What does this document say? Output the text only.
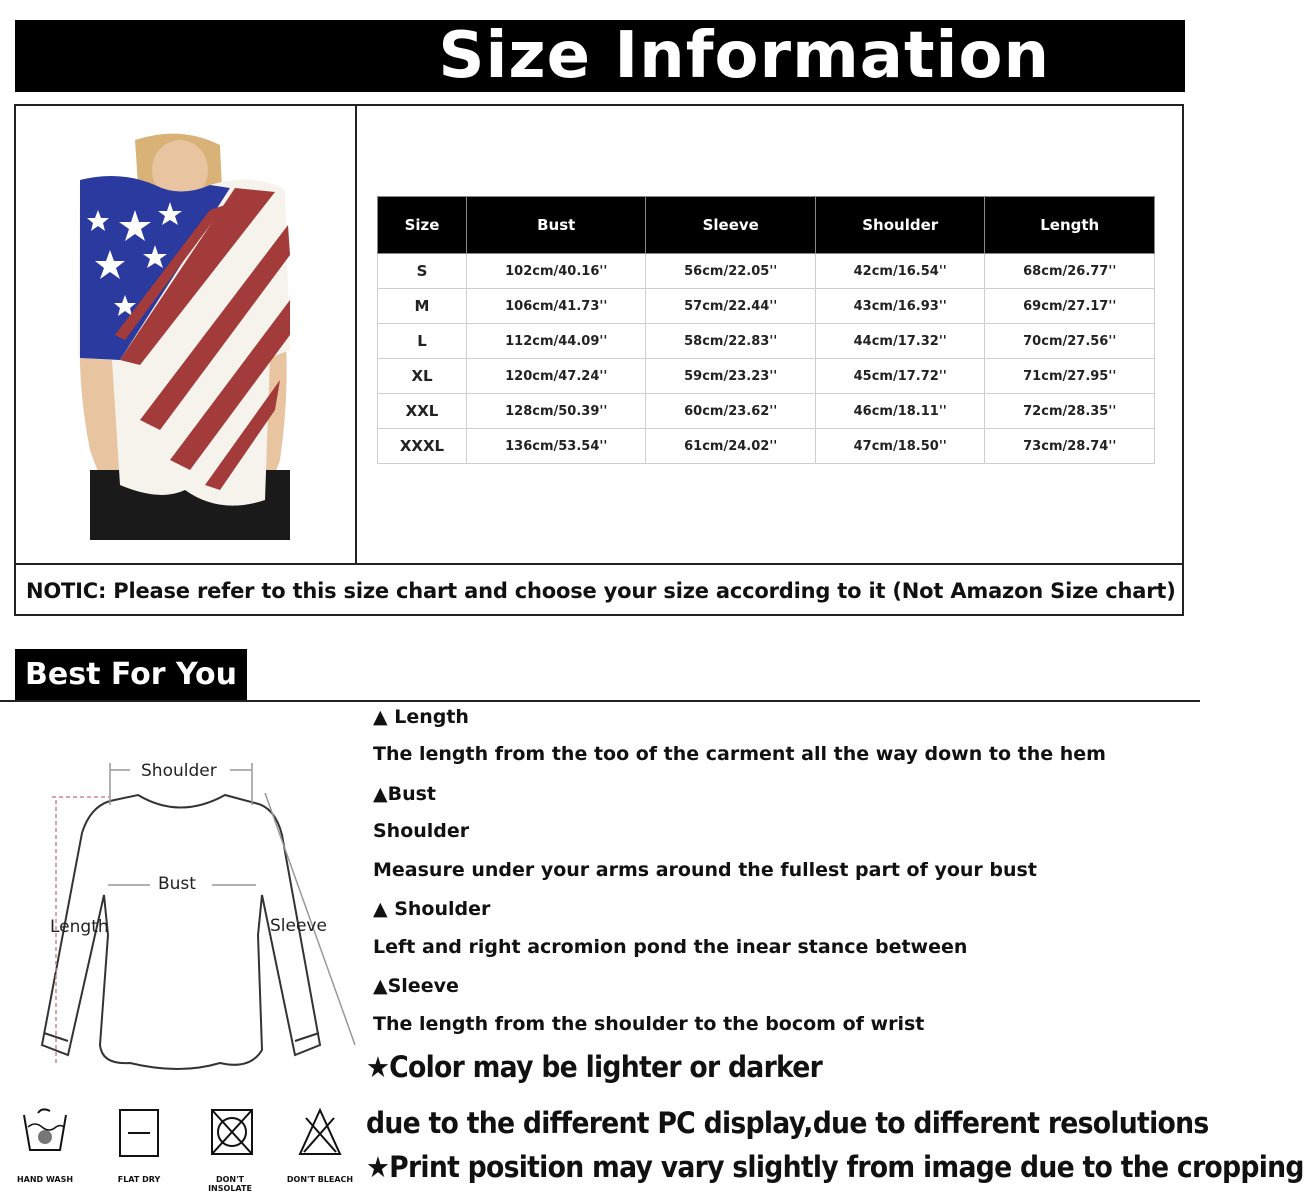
Size Information
Size	Bust	Sleeve	Shoulder	Length
S	102cm/40.16''	56cm/22.05''	42cm/16.54''	68cm/26.77''
M	106cm/41.73''	57cm/22.44''	43cm/16.93''	69cm/27.17''
L	112cm/44.09''	58cm/22.83''	44cm/17.32''	70cm/27.56''
XL	120cm/47.24''	59cm/23.23''	45cm/17.72''	71cm/27.95''
XXL	128cm/50.39''	60cm/23.62''	46cm/18.11''	72cm/28.35''
XXXL	136cm/53.54''	61cm/24.02''	47cm/18.50''	73cm/28.74''
NOTIC: Please refer to this size chart and choose your size according to it (Not Amazon Size chart)
Best For You
Shoulder
Bust
Length	Sleeve
▲ Length
The length from the too of the carment all the way down to the hem
▲Bust
Shoulder
Measure under your arms around the fullest part of your bust
▲ Shoulder
Left and right acromion pond the inear stance between
▲Sleeve
The length from the shoulder to the bocom of wrist
★Color may be lighter or darker
due to the different PC display,due to different resolutions
★Print position may vary slightly from image due to the cropping
HAND WASH	FLAT DRY	DON'T INSOLATE
DON'T BLEACH
